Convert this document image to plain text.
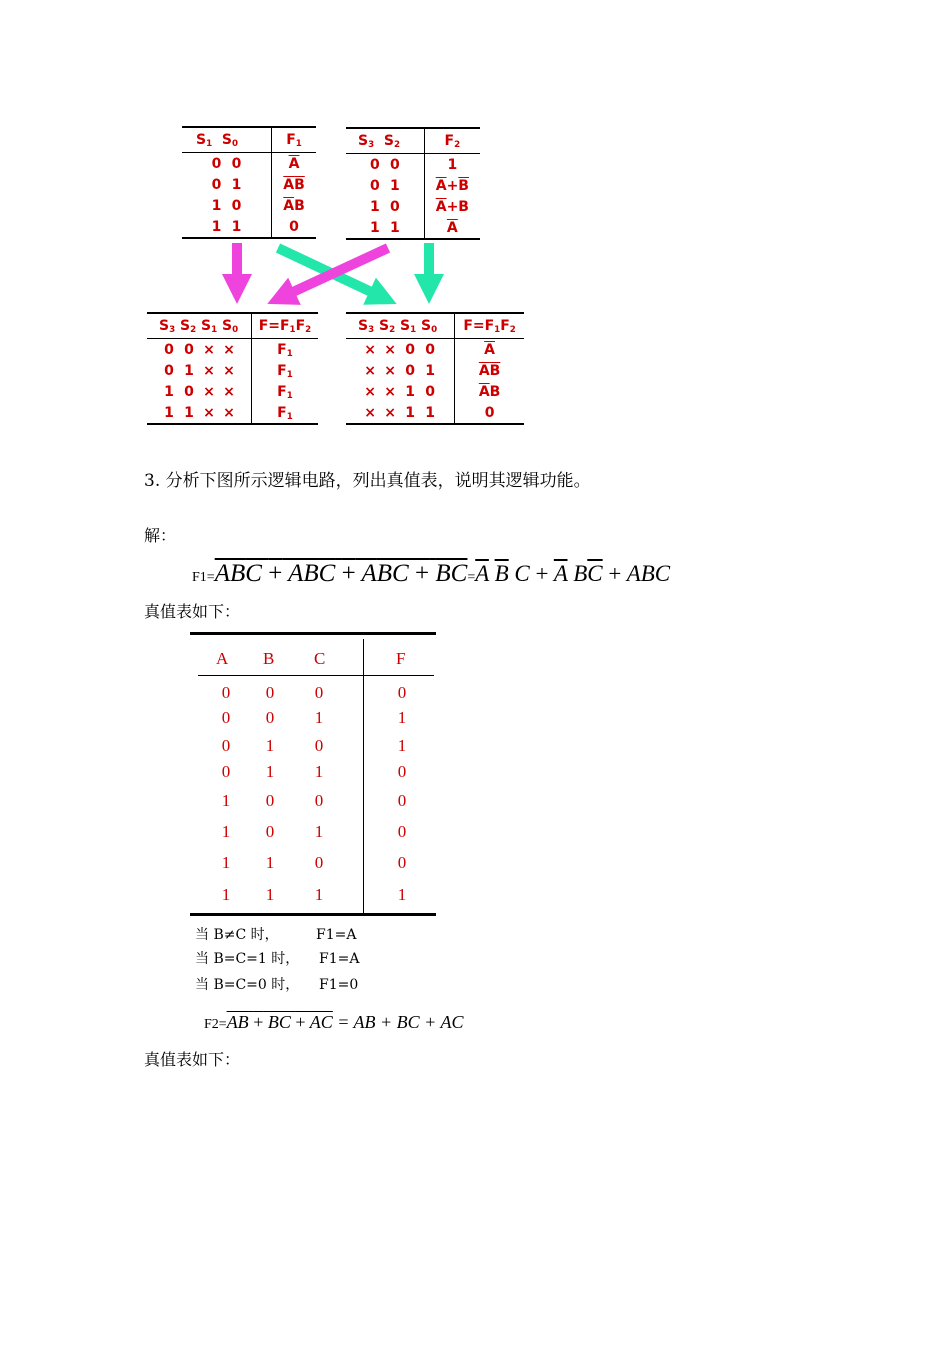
$S_1$ $S_0$	$F_1$
0 0	$\overline{A}$
0 1	$\overline{A}\overline{B}$
1 0	$\overline{A}B$
1 1	0
$S_3$  $S_2$	$F_2$
0 0	1
0 1	$\overline{A}+\overline{B}$
1 0	$\overline{A}+B$
1 1	$\overline{A}$
$S_3$ $S_2$ $S_1$ $S_0$	$F=F_1F_2$
0 0 × ×	$F_1$
0 1 × ×	$F_1$
1 0 × ×	$F_1$
1 1 × ×	$F_1$
$S_3$ $S_2$ $S_1$ $S_0$	$F=F_1F_2$
× × 0 0	$\overline{A}$
× × 0 1	$\overline{A}\overline{B}$
× × 1 0	$\overline{A}B$
× × 1 1	0
3. 分析下图所示逻辑电路，列出真值表，说明其逻辑功能。
解：
F1=ABC + ABC + ABC + $BC=\overline{A}$ $\overline{B}$ $C + \overline{A}$ $B\overline{C}$ + ABC
真值表如下：
A B C	F
0	0	0	0
0	0	1	1
0	1	0	1
0	1	1	0
1	0	0	0
1	0	1	0
1	1	0	0
1	1	1	1
当 B≠C 时，	F1=A
当 B=C=1 时， F1=A
当 B=C=0 时， F1=0
F2=AB + BC + AC = AB + BC + AC
真值表如下：
